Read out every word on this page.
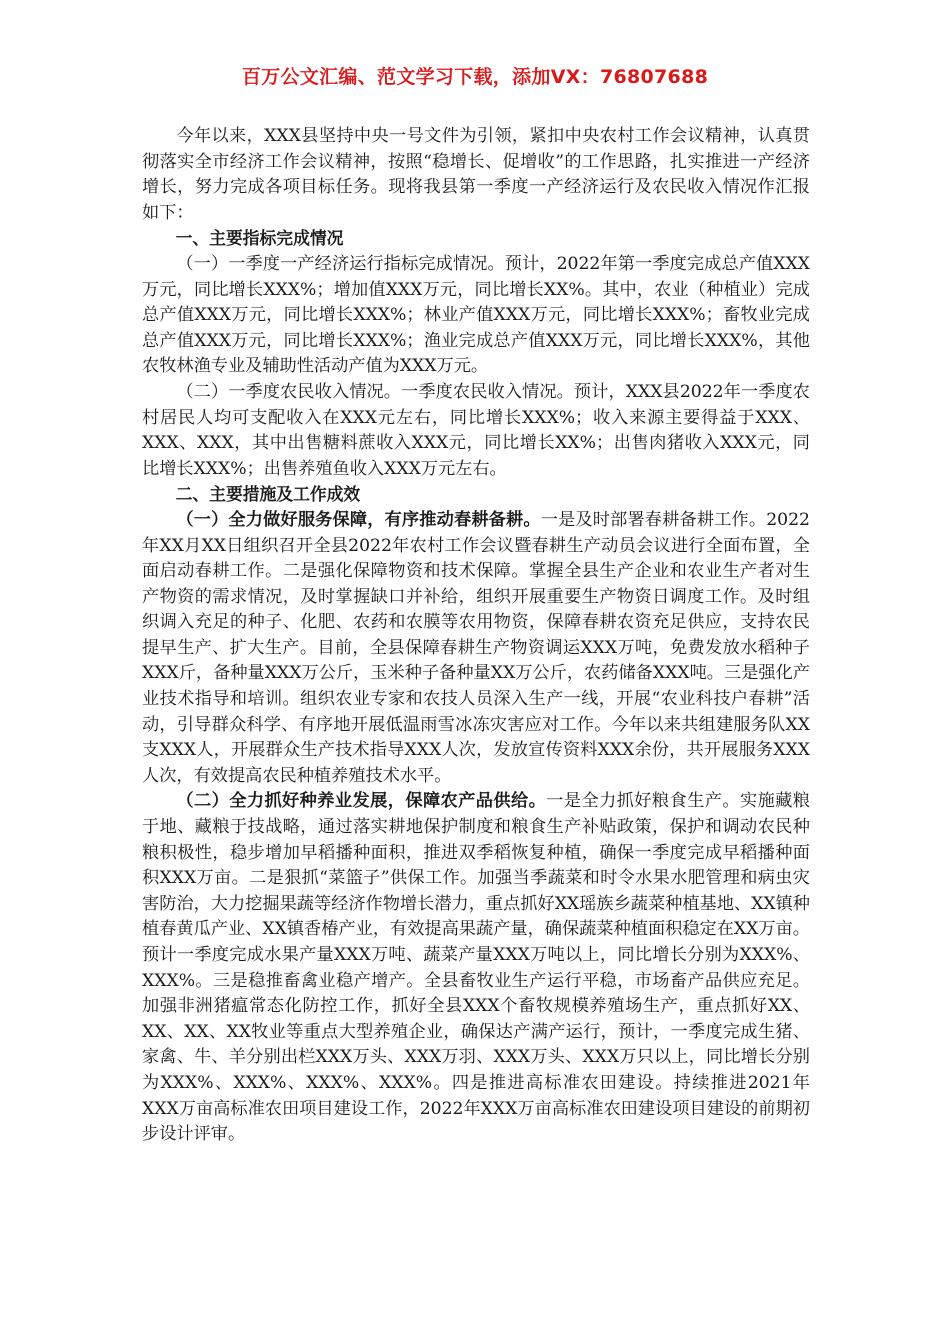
百万公文汇编、范文学习下载，添加VX：76807688

今年以来，XXX县坚持中央一号文件为引领，紧扣中央农村工作会议精神，认真贯彻落实全市经济工作会议精神，按照“稳增长、促增收”的工作思路，扎实推进一产经济增长，努力完成各项目标任务。现将我县第一季度一产经济运行及农民收入情况作汇报如下：

一、主要指标完成情况

（一）一季度一产经济运行指标完成情况。预计，2022年第一季度完成总产值XXX万元，同比增长XXX%；增加值XXX万元，同比增长XX%。其中，农业（种植业）完成总产值XXX万元，同比增长XXX%；林业产值XXX万元，同比增长XXX%；畜牧业完成总产值XXX万元，同比增长XXX%；渔业完成总产值XXX万元，同比增长XXX%，其他农牧林渔专业及辅助性活动产值为XXX万元。

（二）一季度农民收入情况。一季度农民收入情况。预计，XXX县2022年一季度农村居民人均可支配收入在XXX元左右，同比增长XXX%；收入来源主要得益于XXX、XXX、XXX，其中出售糖料蔗收入XXX元，同比增长XX%；出售肉猪收入XXX元，同比增长XXX%；出售养殖鱼收入XXX万元左右。

二、主要措施及工作成效

（一）全力做好服务保障，有序推动春耕备耕。一是及时部署春耕备耕工作。2022年XX月XX日组织召开全县2022年农村工作会议暨春耕生产动员会议进行全面布置，全面启动春耕工作。二是强化保障物资和技术保障。掌握全县生产企业和农业生产者对生产物资的需求情况，及时掌握缺口并补给，组织开展重要生产物资日调度工作。及时组织调入充足的种子、化肥、农药和农膜等农用物资，保障春耕农资充足供应，支持农民提早生产、扩大生产。目前，全县保障春耕生产物资调运XXX万吨，免费发放水稻种子XXX斤，备种量XXX万公斤，玉米种子备种量XX万公斤，农药储备XXX吨。三是强化产业技术指导和培训。组织农业专家和农技人员深入生产一线，开展“农业科技户春耕”活动，引导群众科学、有序地开展低温雨雪冰冻灾害应对工作。今年以来共组建服务队XX支XXX人，开展群众生产技术指导XXX人次，发放宣传资料XXX余份，共开展服务XXX人次，有效提高农民种植养殖技术水平。

（二）全力抓好种养业发展，保障农产品供给。一是全力抓好粮食生产。实施藏粮于地、藏粮于技战略，通过落实耕地保护制度和粮食生产补贴政策，保护和调动农民种粮积极性，稳步增加早稻播种面积，推进双季稻恢复种植，确保一季度完成早稻播种面积XXX万亩。二是狠抓“菜篮子”供保工作。加强当季蔬菜和时令水果水肥管理和病虫灾害防治，大力挖掘果蔬等经济作物增长潜力，重点抓好XX瑶族乡蔬菜种植基地、XX镇种植春黄瓜产业、XX镇香椿产业，有效提高果蔬产量，确保蔬菜种植面积稳定在XX万亩。预计一季度完成水果产量XXX万吨、蔬菜产量XXX万吨以上，同比增长分别为XXX%、XXX%。三是稳推畜禽业稳产增产。全县畜牧业生产运行平稳，市场畜产品供应充足。加强非洲猪瘟常态化防控工作，抓好全县XXX个畜牧规模养殖场生产，重点抓好XX、XX、XX、XX牧业等重点大型养殖企业，确保达产满产运行，预计，一季度完成生猪、家禽、牛、羊分别出栏XXX万头、XXX万羽、XXX万头、XXX万只以上，同比增长分别为XXX%、XXX%、XXX%、XXX%。四是推进高标准农田建设。持续推进2021年XXX万亩高标准农田项目建设工作，2022年XXX万亩高标准农田建设项目建设的前期初步设计评审。
